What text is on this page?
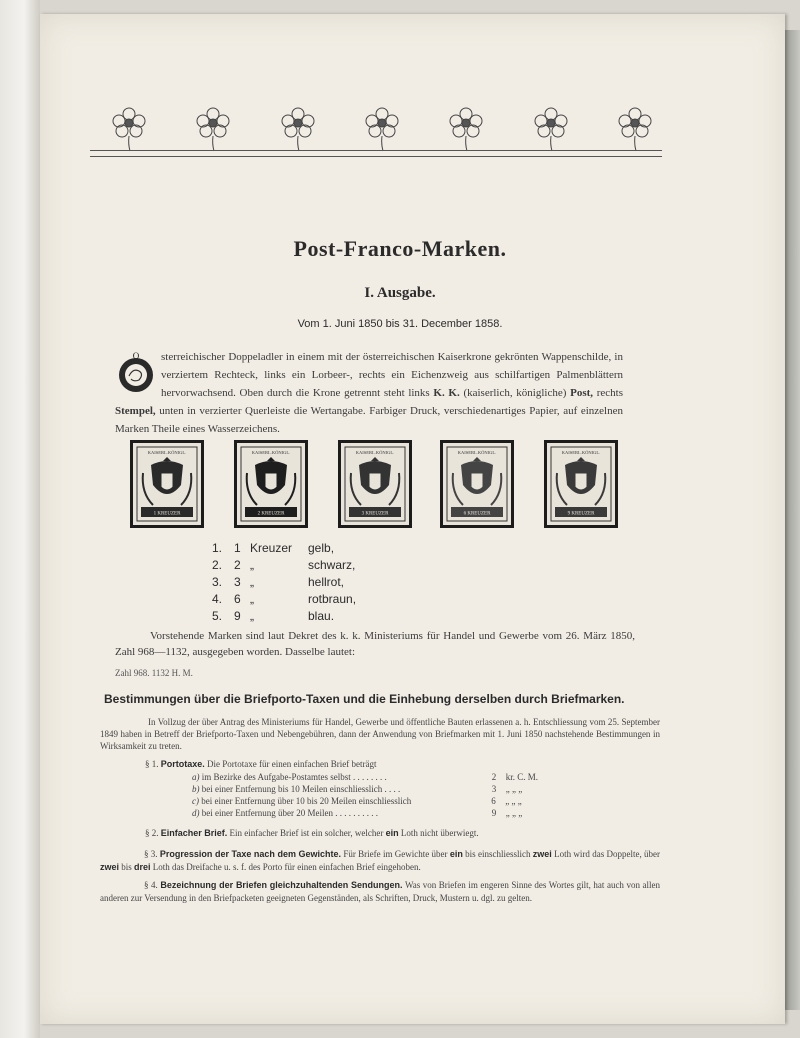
Post-Franco-Marken.
I. Ausgabe.
Vom 1. Juni 1850 bis 31. December 1858.
Ö sterreichischer Doppeladler in einem mit der österreichischen Kaiserkrone gekrönten Wappenschilde, in verziertem Rechteck, links ein Lorbeer-, rechts ein Eichenzweig aus schilfartigen Palmenblättern hervorwachsend. Oben durch die Krone getrennt steht links K. K. (kaiserlich, königliche) Post, rechts Stempel, unten in verzierter Querleiste die Wertangabe. Farbiger Druck, verschiedenartiges Papier, auf einzelnen Marken Theile eines Wasserzeichens.
KAISERL.KÖNIGL.
1 KREUZER
KAISERL.KÖNIGL.
2 KREUZER
KAISERL.KÖNIGL.
3 KREUZER
KAISERL.KÖNIGL.
6 KREUZER
KAISERL.KÖNIGL.
9 KREUZER
1. 1 Kreuzer	gelb,
2. 2 „	schwarz,
3. 3 „	hellrot,
4. 6 „	rotbraun,
5. 9 „	blau.
Vorstehende Marken sind laut Dekret des k. k. Ministeriums für Handel und Gewerbe vom 26. März 1850, Zahl 968—1132, ausgegeben worden. Dasselbe lautet:
Zahl 968. 1132 H. M.
Bestimmungen über die Briefporto-Taxen und die Einhebung derselben durch Briefmarken.
In Vollzug der über Antrag des Ministeriums für Handel, Gewerbe und öffentliche Bauten erlassenen a. h. Entschliessung vom 25. September 1849 haben in Betreff der Briefporto-Taxen und Nebengebühren, dann der Anwendung von Briefmarken mit 1. Juni 1850 nachstehende Bestimmungen in Wirksamkeit zu treten.
§ 1. Portotaxe. Die Portotaxe für einen einfachen Brief beträgt
a)
im Bezirke des Aufgabe-Postamtes selbst . . . . . . . .	2	kr. C. M.
b)
bei einer Entfernung bis 10 Meilen einschliesslich . . . .	3	„ „ „
c)
bei einer Entfernung über 10 bis 20 Meilen einschliesslich	6	„ „ „
d)
bei einer Entfernung über 20 Meilen . . . . . . . . . .	9	„ „ „
§ 2. Einfacher Brief. Ein einfacher Brief ist ein solcher, welcher ein Loth nicht überwiegt.
§ 3. Progression der Taxe nach dem Gewichte. Für Briefe im Gewichte über ein bis einschliesslich zwei Loth wird das Doppelte, über zwei bis drei Loth das Dreifache u. s. f. des Porto für einen einfachen Brief eingehoben.
§ 4. Bezeichnung der Briefen gleichzuhaltenden Sendungen. Was von Briefen im engeren Sinne des Wortes gilt, hat auch von allen anderen zur Versendung in den Briefpacketen geeigneten Gegenständen, als Schriften, Druck, Mustern u. dgl. zu gelten.
